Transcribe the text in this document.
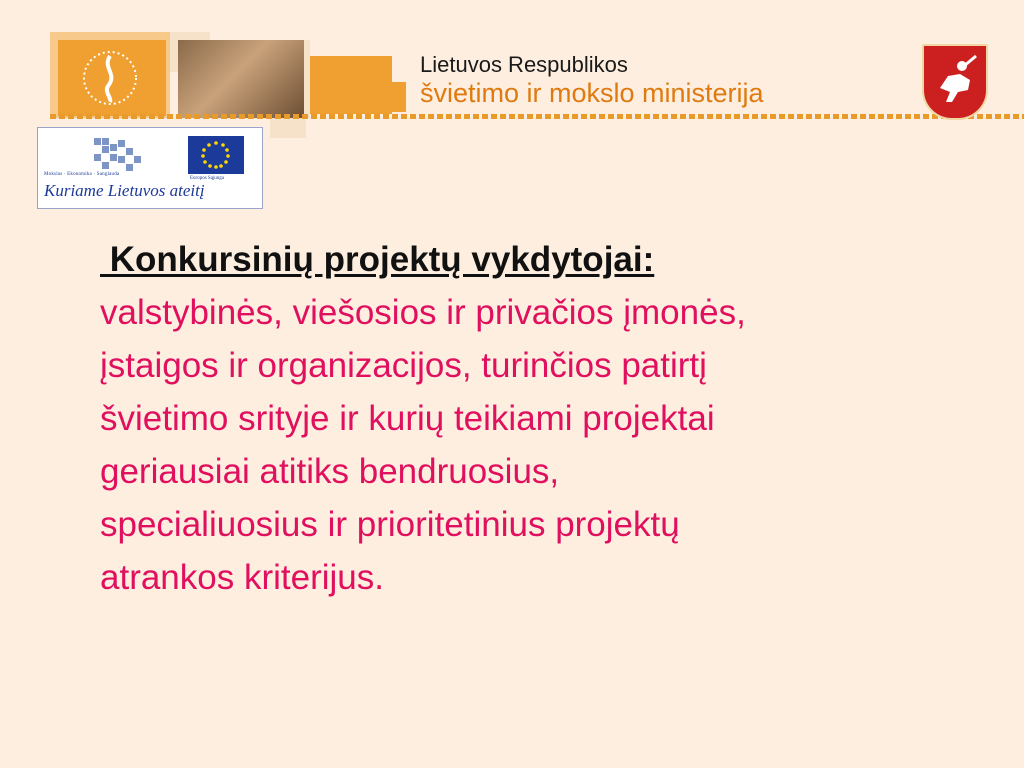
Lietuvos Respublikos
švietimo ir mokslo ministerija
Mokslas · Ekonomika · Sanglauda
Europos Sąjunga
Kuriame Lietuvos ateitį
Konkursinių projektų vykdytojai:
valstybinės, viešosios ir privačios įmonės,
įstaigos ir organizacijos, turinčios patirtį
švietimo srityje ir kurių teikiami projektai
geriausiai atitiks bendruosius,
specialiuosius ir prioritetinius projektų
atrankos kriterijus.
